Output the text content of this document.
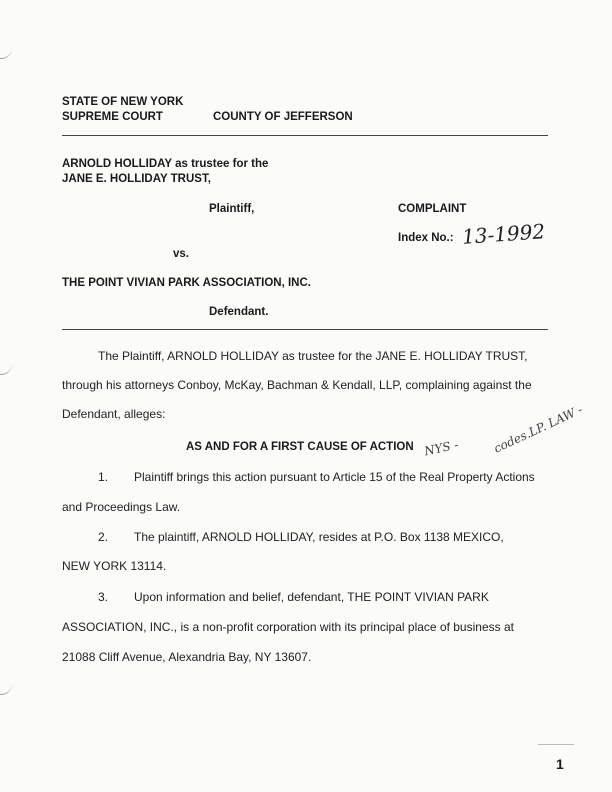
STATE OF NEW YORK
SUPREME COURT	COUNTY OF JEFFERSON
ARNOLD HOLLIDAY as trustee for the
JANE E. HOLLIDAY TRUST,
Plaintiff,	COMPLAINT
Index No.: 13-1992
vs.
THE POINT VIVIAN PARK ASSOCIATION, INC.
Defendant.
The Plaintiff, ARNOLD HOLLIDAY as trustee for the JANE E. HOLLIDAY TRUST,
through his attorneys Conboy, McKay, Bachman & Kendall, LLP, complaining against the
Defendant, alleges:
AS AND FOR A FIRST CAUSE OF ACTION NYS -	codes.LP. LAW -
1. Plaintiff brings this action pursuant to Article 15 of the Real Property Actions
and Proceedings Law.
2. The plaintiff, ARNOLD HOLLIDAY, resides at P.O. Box 1138 MEXICO,
NEW YORK 13114.
3. Upon information and belief, defendant, THE POINT VIVIAN PARK
ASSOCIATION, INC., is a non-profit corporation with its principal place of business at
21088 Cliff Avenue, Alexandria Bay, NY 13607.
1
